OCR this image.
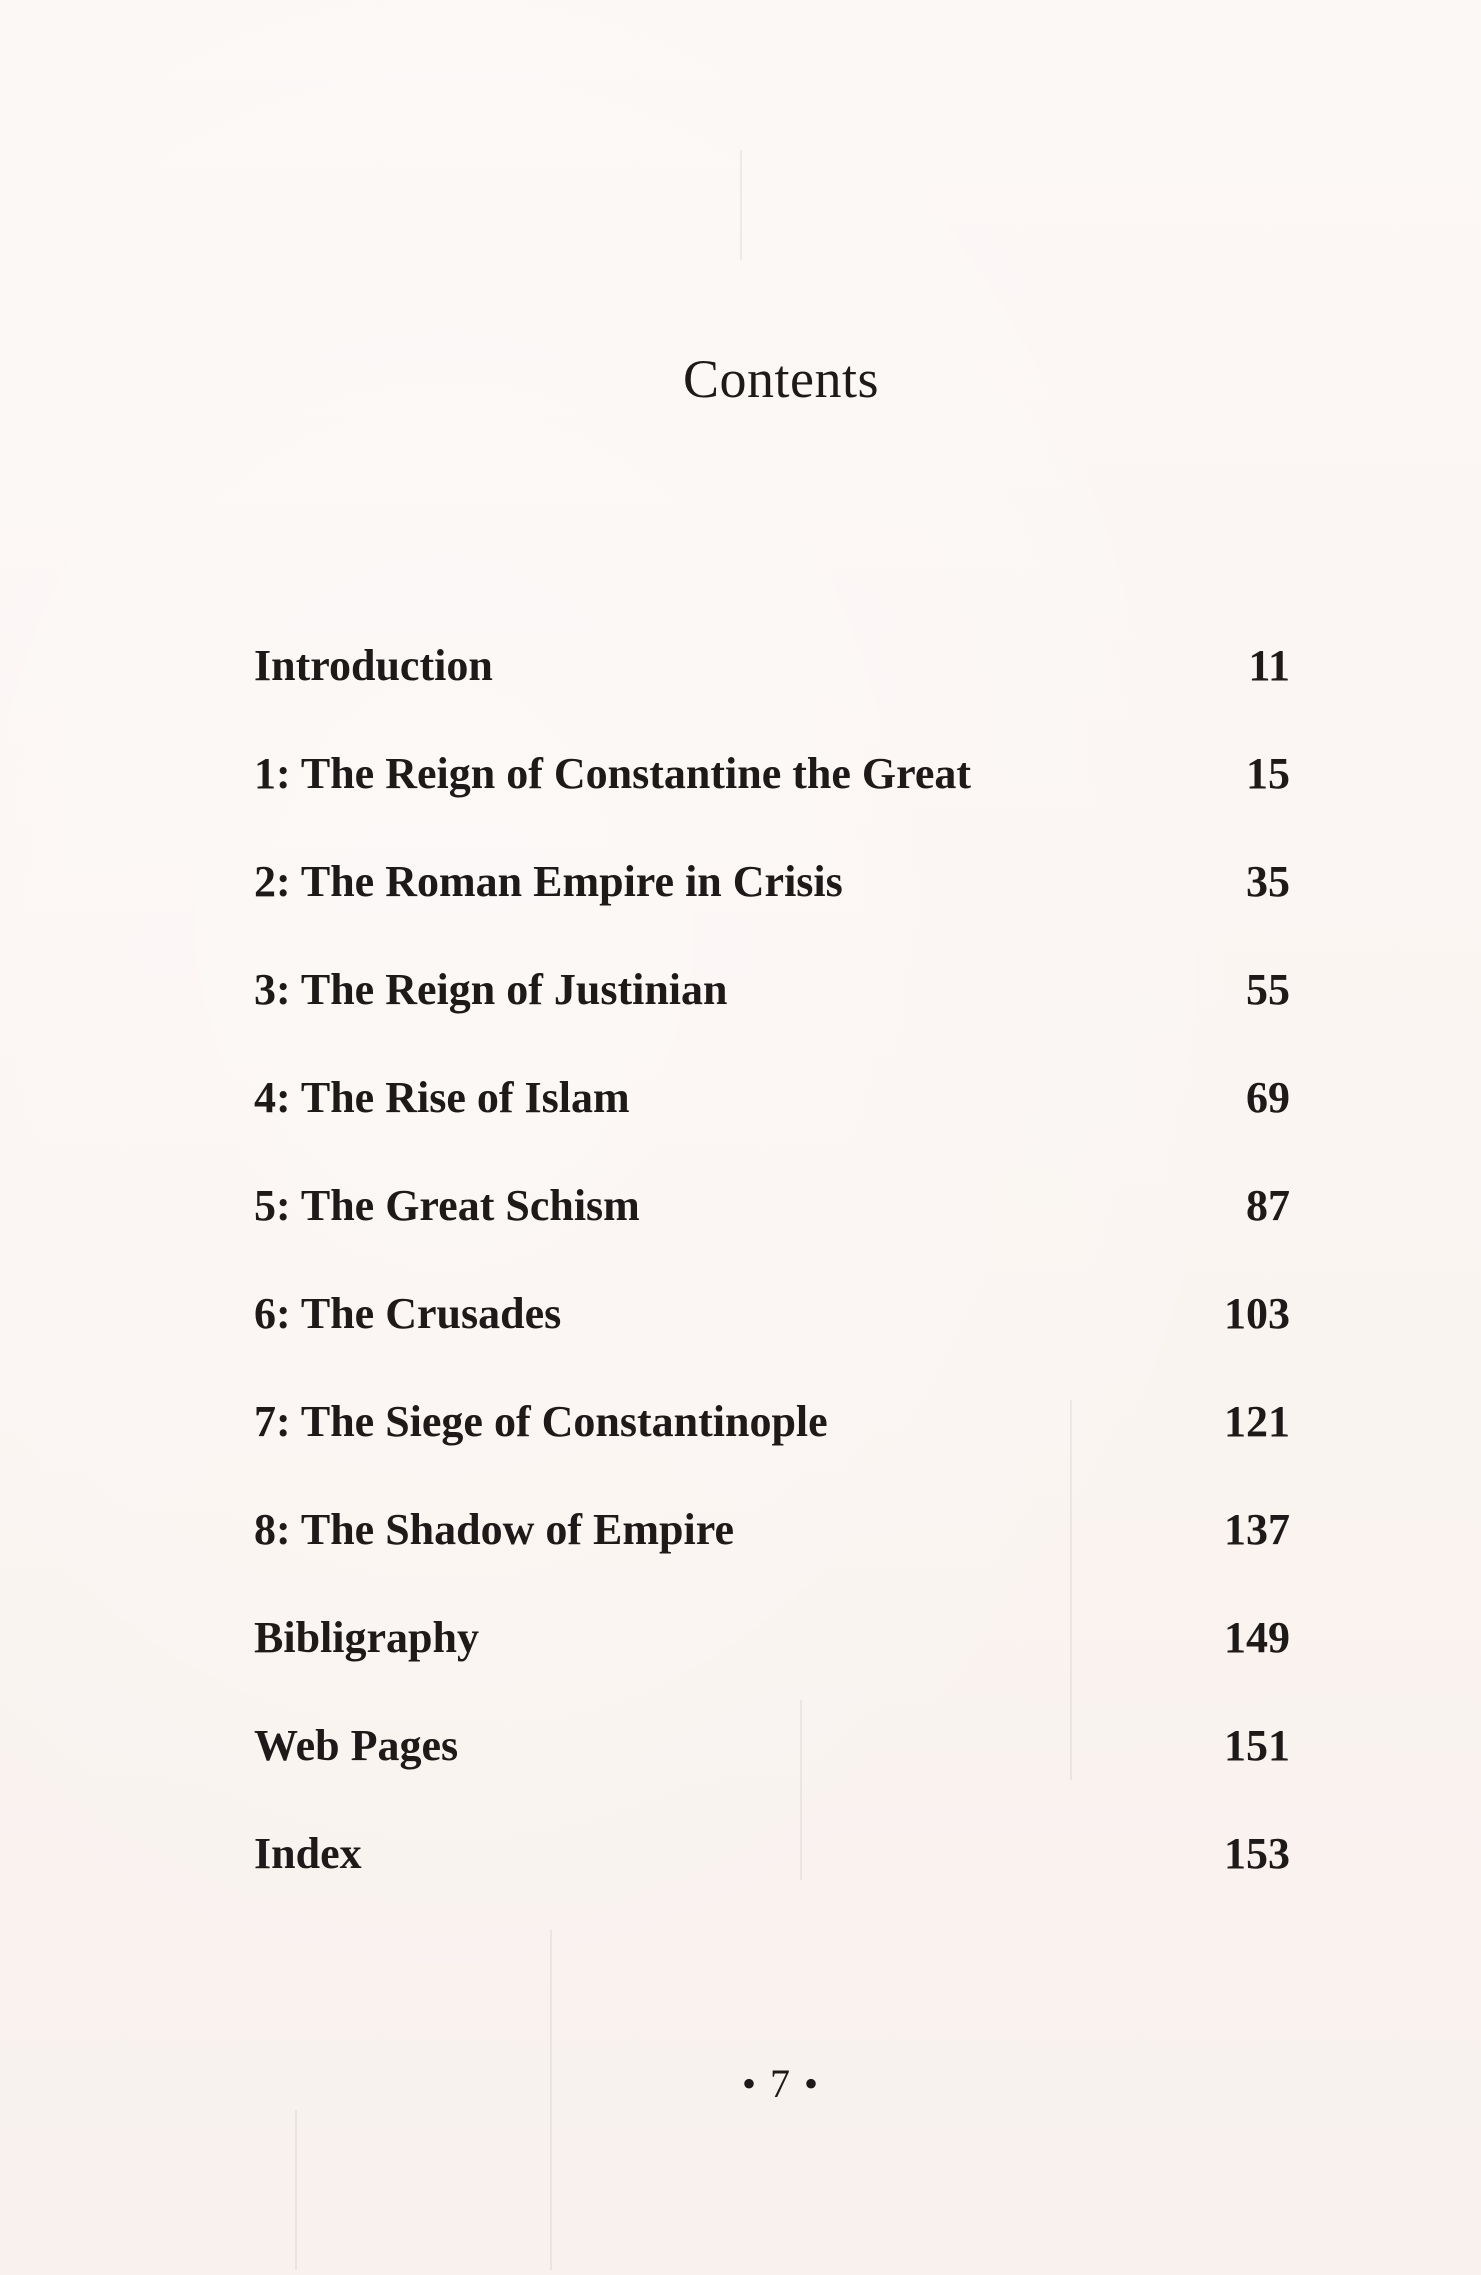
Contents
Introduction	11
1: The Reign of Constantine the Great	15
2: The Roman Empire in Crisis	35
3: The Reign of Justinian	55
4: The Rise of Islam	69
5: The Great Schism	87
6: The Crusades	103
7: The Siege of Constantinople	121
8: The Shadow of Empire	137
Bibligraphy	149
Web Pages	151
Index	153
• 7 •
